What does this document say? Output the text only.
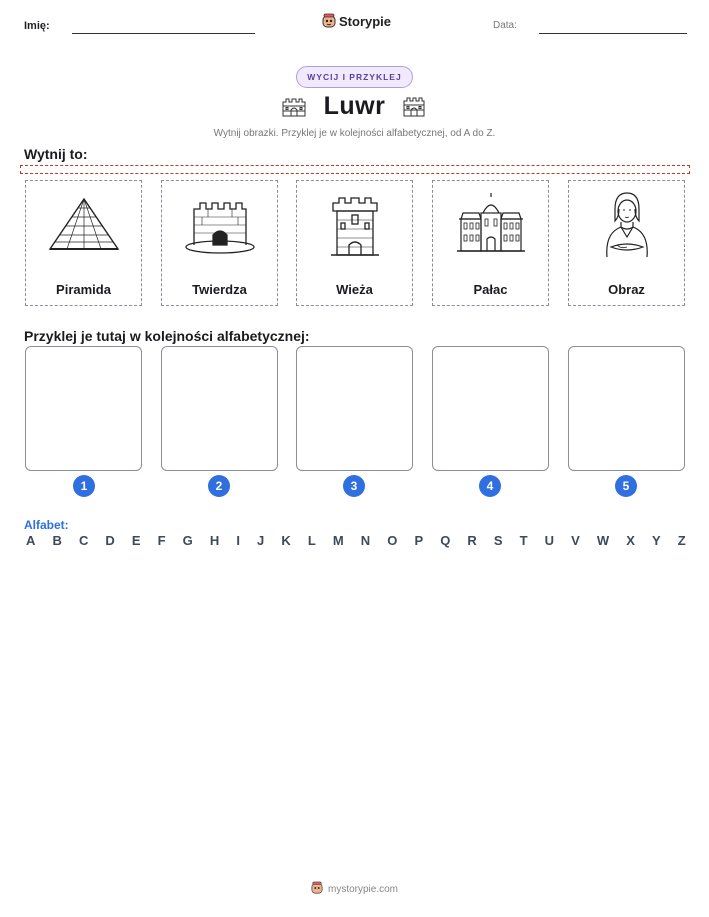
Imię:	Storypie	Data:
WYCIJ I PRZYKLEJ
Luwr
Wytnij obrazki. Przyklej je w kolejności alfabetycznej, od A do Z.
Wytnij to:
Piramida	Twierdza	Wieża	Pałac	Obraz
Przyklej je tutaj w kolejności alfabetycznej:
1	2	3	4	5
Alfabet:
A B C D E F G H I J K L M N O P Q R S T U V W X Y Z
mystorypie.com
